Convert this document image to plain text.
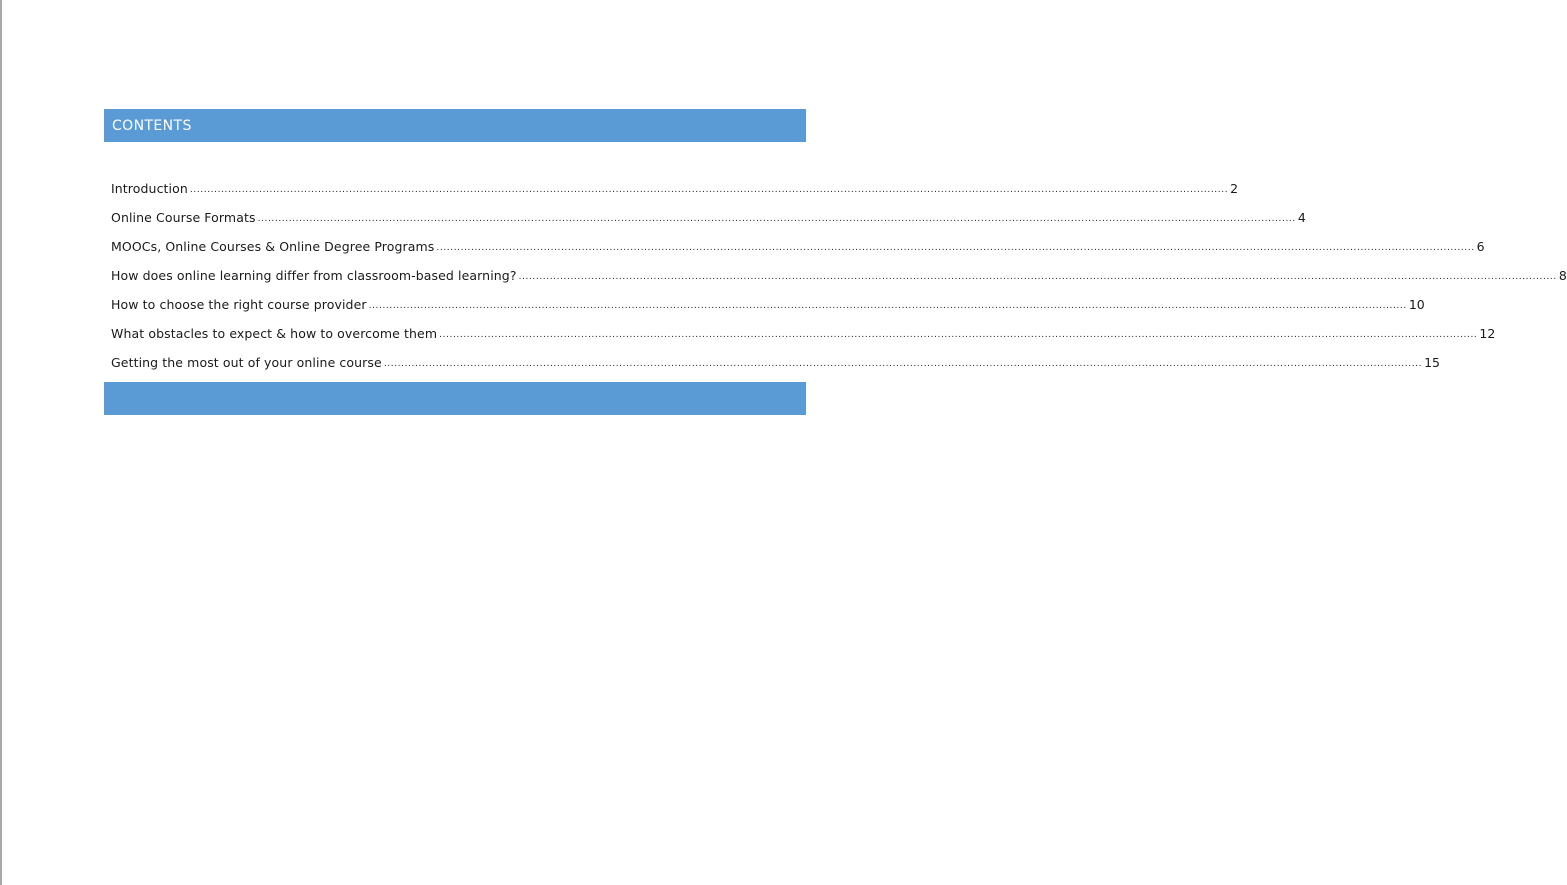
CONTENTS
Introduction ............................................................................................................................................................................................................................................................................................................ 2
Online Course Formats ............................................................................................................................................................................................................................................................................................................ 4
MOOCs, Online Courses & Online Degree Programs ............................................................................................................................................................................................................................................................................................................ 6
How does online learning differ from classroom-based learning? ............................................................................................................................................................................................................................................................................................................ 8
How to choose the right course provider ............................................................................................................................................................................................................................................................................................................ 10
What obstacles to expect & how to overcome them ............................................................................................................................................................................................................................................................................................................ 12
Getting the most out of your online course ............................................................................................................................................................................................................................................................................................................ 15
